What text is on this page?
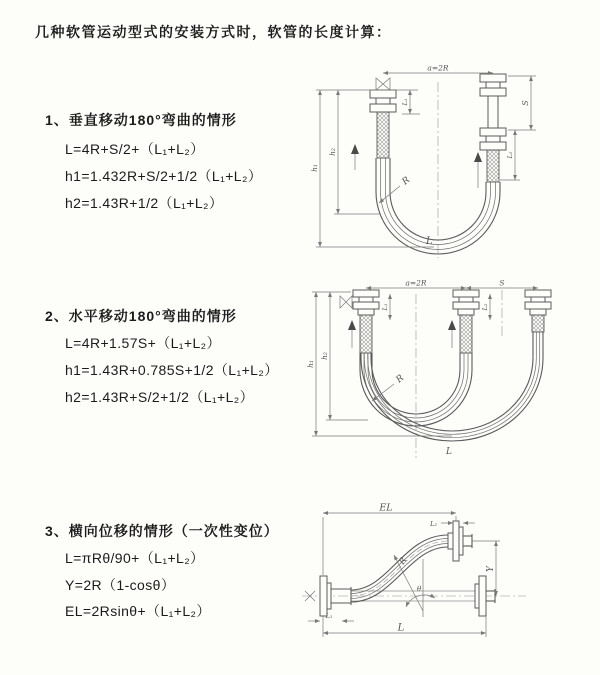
几种软管运动型式的安装方式时，软管的长度计算：
1、垂直移动180°弯曲的情形
L=4R+S/2+（L₁+L₂）
h1=1.432R+S/2+1/2（L₁+L₂）
h2=1.43R+1/2（L₁+L₂）
2、水平移动180°弯曲的情形
L=4R+1.57S+（L₁+L₂）
h1=1.43R+0.785S+1/2（L₁+L₂）
h2=1.43R+S/2+1/2（L₁+L₂）
3、横向位移的情形（一次性变位）
L=πRθ/90+（L₁+L₂）
Y=2R（1-cosθ）
EL=2Rsinθ+（L₁+L₂）
a=2R
S
L₂
h₁
h₂
L₁
R
L
a=2R	S
h₁
h₂
L₁	L₂
R
L
θ
R
EL
L₂
Y
L₁
L
